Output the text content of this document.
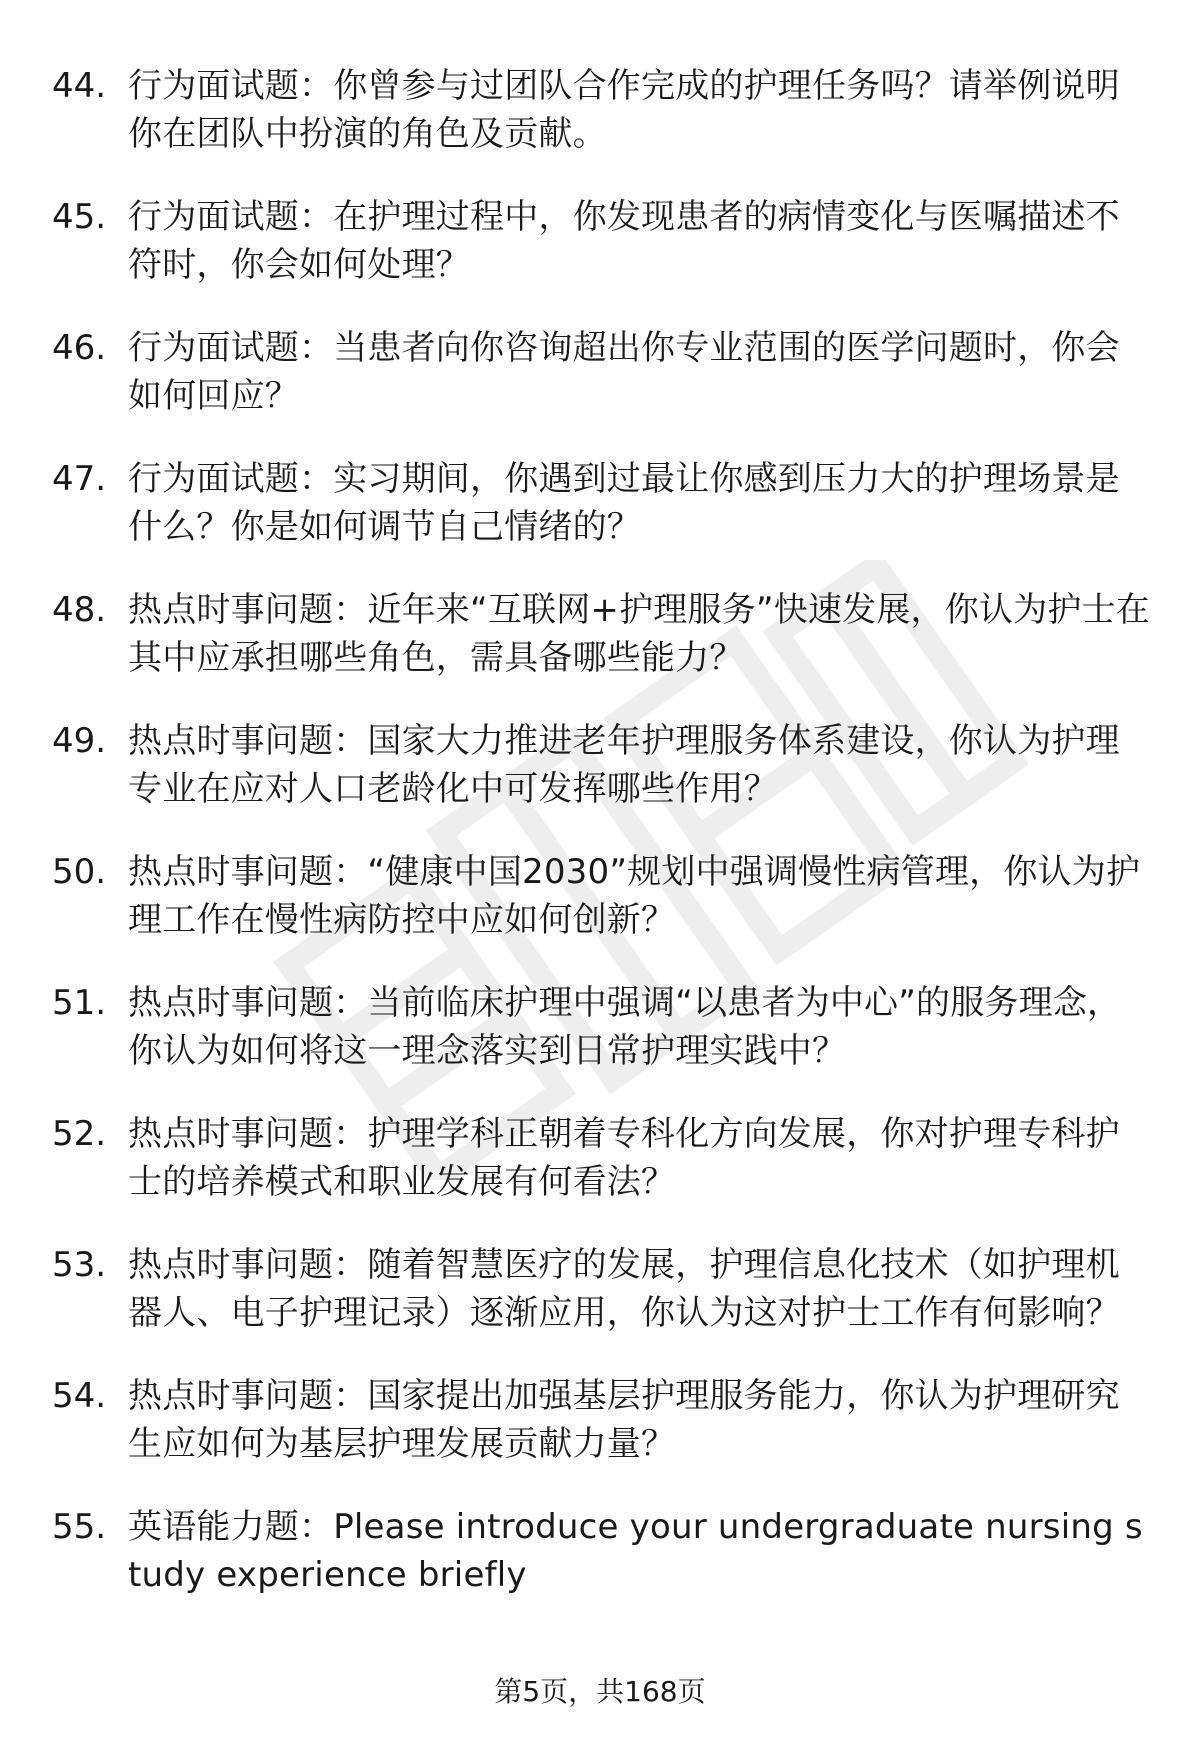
44. 行为面试题：你曾参与过团队合作完成的护理任务吗？请举例说明你在团队中扮演的角色及贡献。
45. 行为面试题：在护理过程中，你发现患者的病情变化与医嘱描述不符时，你会如何处理？
46. 行为面试题：当患者向你咨询超出你专业范围的医学问题时，你会如何回应？
47. 行为面试题：实习期间，你遇到过最让你感到压力大的护理场景是什么？你是如何调节自己情绪的？
48. 热点时事问题：近年来“互联网+护理服务”快速发展，你认为护士在其中应承担哪些角色，需具备哪些能力？
49. 热点时事问题：国家大力推进老年护理服务体系建设，你认为护理专业在应对人口老龄化中可发挥哪些作用？
50. 热点时事问题：“健康中国2030”规划中强调慢性病管理，你认为护理工作在慢性病防控中应如何创新？
51. 热点时事问题：当前临床护理中强调“以患者为中心”的服务理念，你认为如何将这一理念落实到日常护理实践中？
52. 热点时事问题：护理学科正朝着专科化方向发展，你对护理专科护士的培养模式和职业发展有何看法？
53. 热点时事问题：随着智慧医疗的发展，护理信息化技术（如护理机器人、电子护理记录）逐渐应用，你认为这对护士工作有何影响？
54. 热点时事问题：国家提出加强基层护理服务能力，你认为护理研究生应如何为基层护理发展贡献力量？
55. 英语能力题：Please introduce your undergraduate nursing study experience briefly
第5页，共168页
